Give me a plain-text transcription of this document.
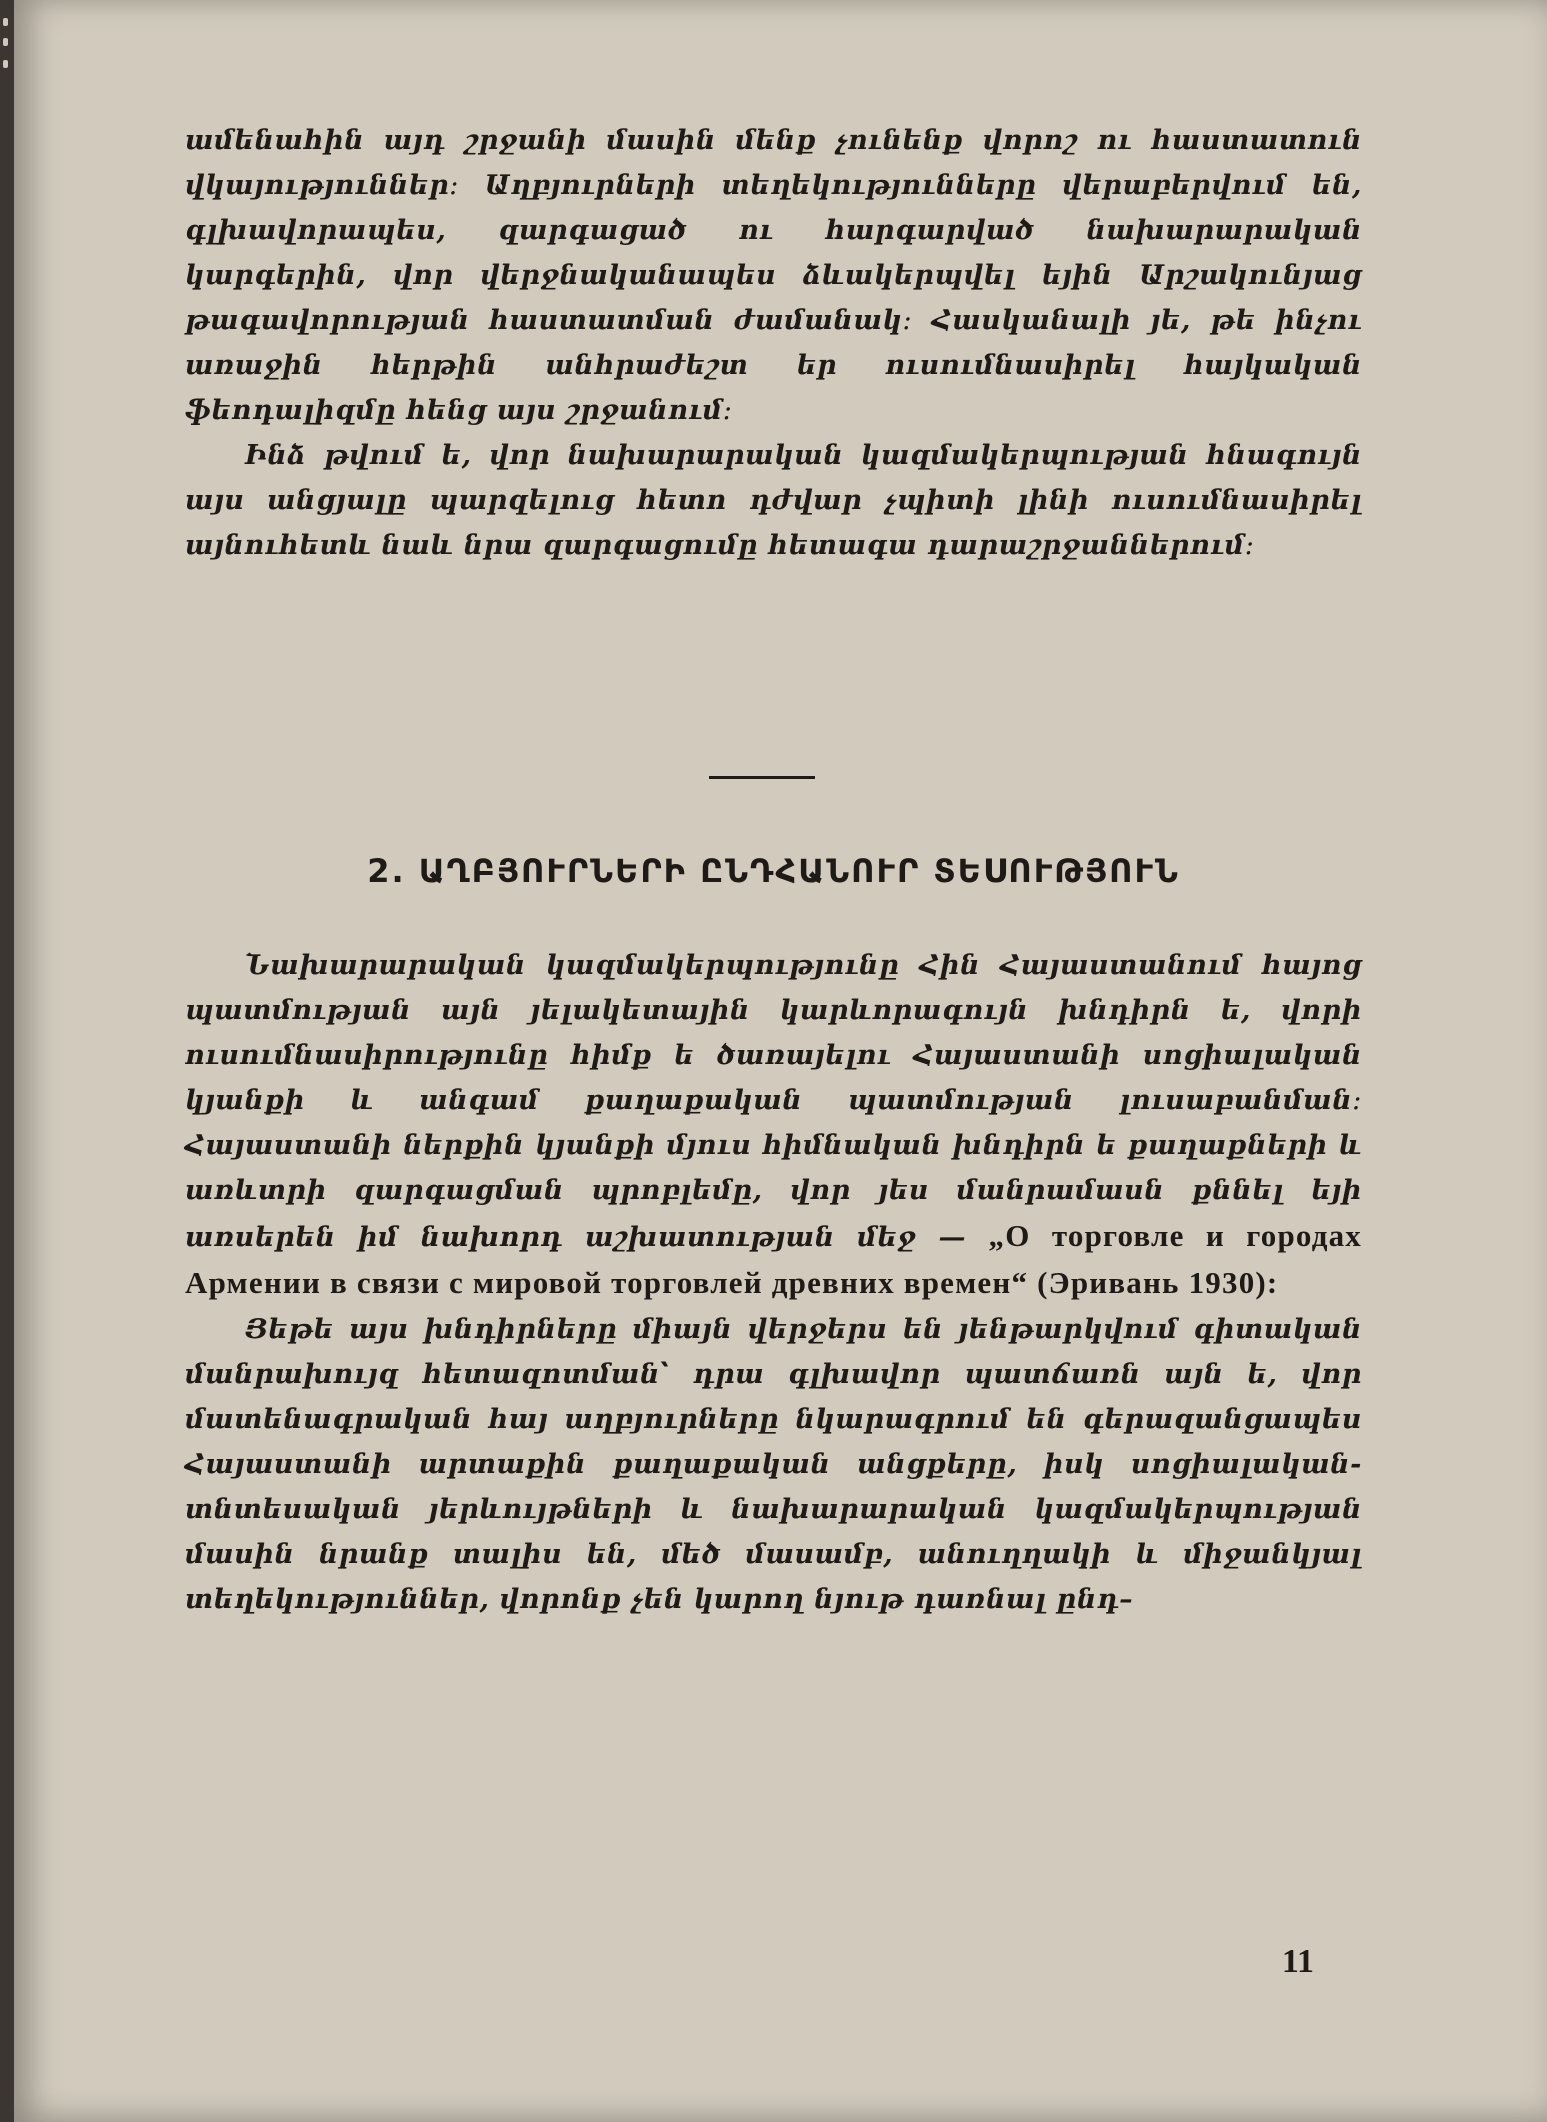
ամենահին այդ շրջանի մասին մենք չունենք վորոշ ու հաստատուն վկայություններ։ Աղբյուրների տեղեկությունները վերաբերվում են, գլխավորապես, զարգացած ու հարգարված նախարարական կարգերին, վոր վերջնականապես ձևակերպվել եյին Արշակունյաց թագավորության հաստատման ժամանակ։ Հասկանալի յե, թե ինչու առաջին հերթին անհրաժեշտ եր ուսումնասիրել հայկական ֆեոդալիզմը հենց այս շրջանում։

Ինձ թվում ե, վոր նախարարական կազմակերպության հնագույն այս անցյալը պարզելուց հետո դժվար չպիտի լինի ուսումնասիրել այնուհետև նաև նրա զարգացումը հետագա դարաշրջաններում։

2. ԱՂԲՅՈՒՐՆԵՐԻ ԸՆԴՀԱՆՈՒՐ ՏԵՍՈՒԹՅՈՒՆ

Նախարարական կազմակերպությունը Հին Հայաստանում հայոց պատմության այն յելակետային կարևորագույն խնդիրն ե, վորի ուսումնասիրությունը հիմք ե ծառայելու Հայաստանի սոցիալական կյանքի և անգամ քաղաքական պատմության լուսաբանման։ Հայաստանի ներքին կյանքի մյուս հիմնական խնդիրն ե քաղաքների և առևտրի զարգացման պրոբլեմը, վոր յես մանրամասն քննել եյի առսերեն իմ նախորդ աշխատության մեջ — „О торговле и городах Армении в связи с мировой торговлей древних времен“ (Эривань 1930):

Յեթե այս խնդիրները միայն վերջերս են յենթարկվում գիտական մանրախույզ հետազոտման՝ դրա գլխավոր պատճառն այն ե, վոր մատենագրական հայ աղբյուրները նկարագրում են գերազանցապես Հայաստանի արտաքին քաղաքական անցքերը, իսկ սոցիալական-տնտեսական յերևույթների և նախարարական կազմակերպության մասին նրանք տալիս են, մեծ մասամբ, անուղղակի և միջանկյալ տեղեկություններ, վորոնք չեն կարող նյութ դառնալ ընդ–

11
